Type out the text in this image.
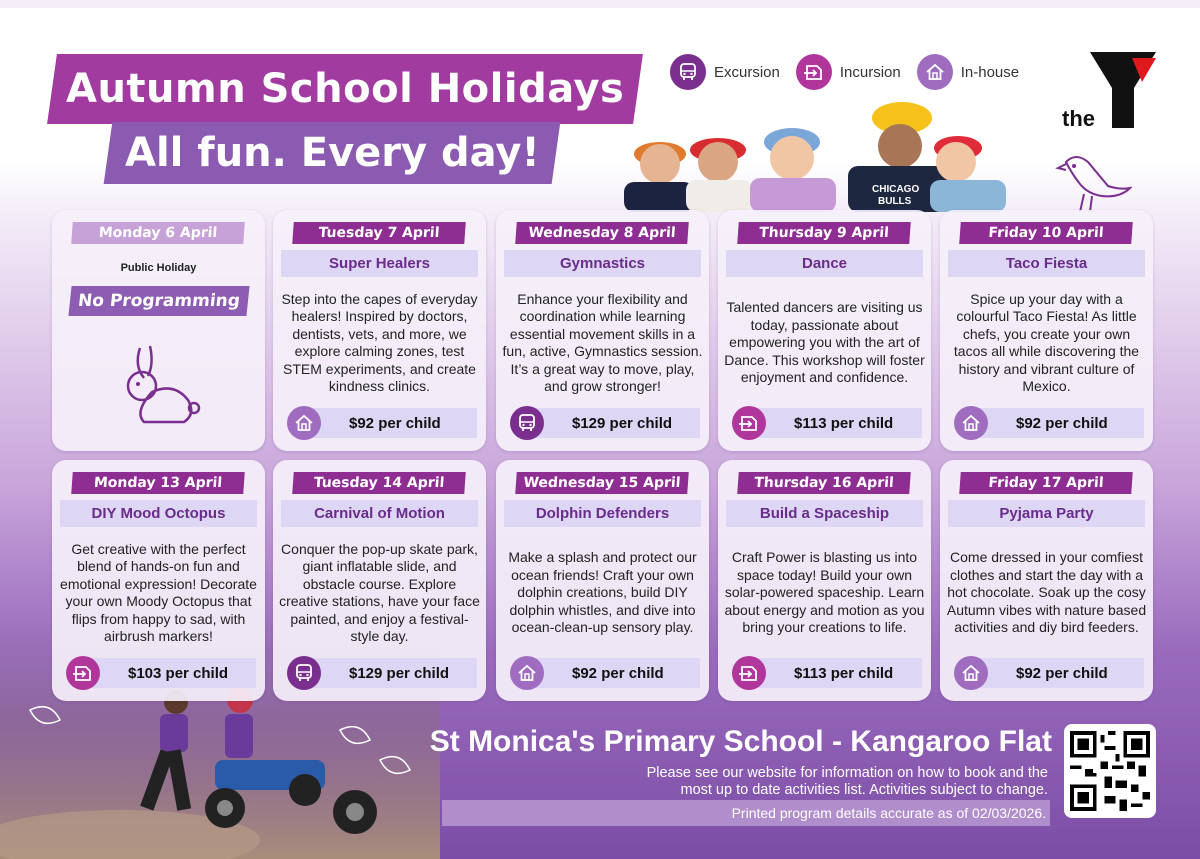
Autumn School Holidays
All fun. Every day!
Excursion	Incursion	In-house
the
CHICAGO
BULLS
Monday 6 April
Public Holiday
No Programming
Tuesday 7 April
Super Healers
Step into the capes of everyday healers! Inspired by doctors, dentists, vets, and more, we explore calming zones, test STEM experiments, and create kindness clinics.
$92 per child
Wednesday 8 April
Gymnastics
Enhance your flexibility and coordination while learning essential movement skills in a fun, active, Gymnastics session. It’s a great way to move, play, and grow stronger!
$129 per child
Thursday 9 April
Dance
Talented dancers are visiting us today, passionate about empowering you with the art of Dance. This workshop will foster enjoyment and confidence.
$113 per child
Friday 10 April
Taco Fiesta
Spice up your day with a colourful Taco Fiesta! As little chefs, you create your own tacos all while discovering the history and vibrant culture of Mexico.
$92 per child
Monday 13 April
DIY Mood Octopus
Get creative with the perfect blend of hands-on fun and emotional expression! Decorate your own Moody Octopus that flips from happy to sad, with airbrush markers!
$103 per child
Tuesday 14 April
Carnival of Motion
Conquer the pop-up skate park, giant inflatable slide, and obstacle course. Explore creative stations, have your face painted, and enjoy a festival-style day.
$129 per child
Wednesday 15 April
Dolphin Defenders
Make a splash and protect our ocean friends! Craft your own dolphin creations, build DIY dolphin whistles, and dive into ocean-clean-up sensory play.
$92 per child
Thursday 16 April
Build a Spaceship
Craft Power is blasting us into space today! Build your own solar-powered spaceship. Learn about energy and motion as you bring your creations to life.
$113 per child
Friday 17 April
Pyjama Party
Come dressed in your comfiest clothes and start the day with a hot chocolate. Soak up the cosy Autumn vibes with nature based activities and diy bird feeders.
$92 per child
St Monica's Primary School - Kangaroo Flat
Please see our website for information on how to book and the
most up to date activities list. Activities subject to change.
Printed program details accurate as of 02/03/2026.
